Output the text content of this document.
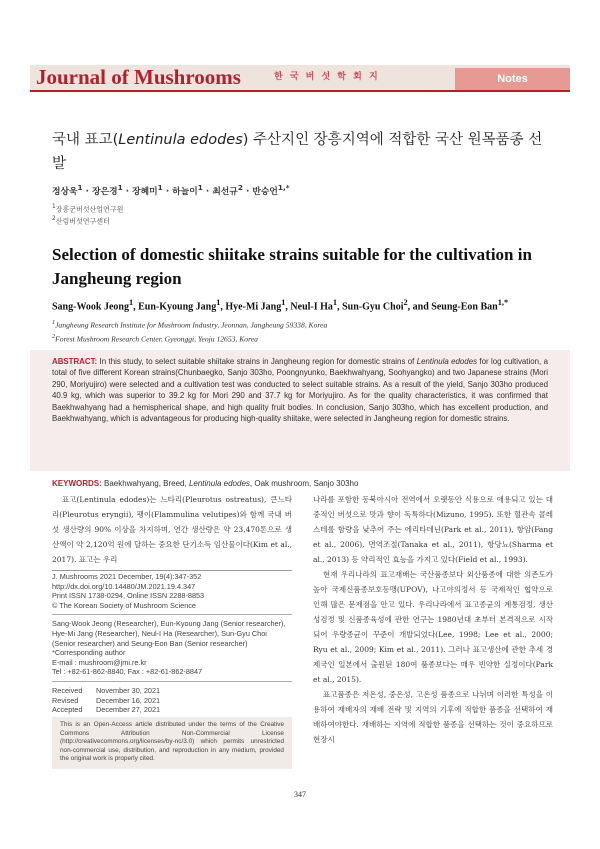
Journal of Mushrooms	한 국 버 섯 학 회 지	Notes
국내 표고(Lentinula edodes) 주산지인 장흥지역에 적합한 국산 원목품종 선발
정상욱$^1$ · 장은경$^1$ · 장혜미$^1$ · 하늘이$^1$ · 최선규$^2$ · 반승언$^{1,*}$
$^1$장흥군버섯산업연구원
$^2$산림버섯연구센터
Selection of domestic shiitake strains suitable for the cultivation in Jangheung region
Sang-Wook Jeong$^1$, Eun-Kyoung Jang$^1$, Hye-Mi Jang$^1$, Neul-I Ha$^1$, Sun-Gyu Choi$^2$, and Seung-Eon Ban$^{1,*}$
$^1$Jangheung Research Institute for Mushroom Industry, Jeonnan, Jangheung 59338, Korea
$^2$Forest Mushroom Research Center, Gyeonggi, Yeoju 12653, Korea
ABSTRACT: In this study, to select suitable shiitake strains in Jangheung region for domestic strains of Lentinula edodes for log cultivation, a total of five different Korean strains(Chunbaegko, Sanjo 303ho, Poongnyunko, Baekhwahyang, Soohyangko) and two Japanese strains (Mori 290, Moriyujiro) were selected and a cultivation test was conducted to select suitable strains. As a result of the yield, Sanjo 303ho produced 40.9 kg, which was superior to 39.2 kg for Mori 290 and 37.7 kg for Moriyujiro. As for the quality characteristics, it was confirmed that Baekhwahyang had a hemispherical shape, and high quality fruit bodies. In conclusion, Sanjo 303ho, which has excellent production, and Baekhwahyang, which is advantageous for producing high-quality shiitake, were selected in Jangheung region for domestic strains.
KEYWORDS: Baekhwahyang, Breed, Lentinula edodes, Oak mushroom, Sanjo 303ho

표고(Lentinula edodes)는 느타리(Pleurotus ostreatus), 큰느타리(Pleurotus eryngii), 팽이(Flammulina velutipes)와 함께 국내 버섯 생산량의 90% 이상을 차지하며, 연간 생산량은 약 23,470톤으로 생산액이 약 2,120억 원에 달하는 중요한 단기소득 임산물이다(Kim et al., 2017). 표고는 우리

J. Mushrooms 2021 December, 19(4):347-352
http://dx.doi.org/10.14480/JM.2021.19.4.347
Print ISSN 1738-0294, Online ISSN 2288-8853
© The Korean Society of Mushroom Science
Sang-Wook Jeong (Researcher), Eun-Kyoung Jang (Senior researcher), Hye-Mi Jang (Researcher), Neul-I Ha (Researcher), Sun-Gyu Choi (Senior researcher) and Seung-Eon Ban (Senior researcher)
*Corresponding author
E-mail : mushroom@jmi.re.kr
Tel : +82-61-862-8840, Fax : +82-61-862-8847
Received	November 30, 2021
Revised	December 16, 2021
Accepted	December 27, 2021
This is an Open-Access article distributed under the terms of the Creative Commons Attribution Non-Commercial License (http://creativecommons.org/licenses/by-nc/3.0) which permits unrestricted non-commercial use, distribution, and reproduction in any medium, provided the original work is properly cited.

나라를 포함한 동북아시아 전역에서 오랫동안 식용으로 애용되고 있는 대중적인 버섯으로 맛과 향이 독특하다(Mizuno, 1995). 또한 혈관속 콜레스테롤 함량을 낮추어 주는 에리타데닌(Park et al., 2011), 항암(Fang et al., 2006), 면역조절(Tanaka et al., 2011), 항당뇨(Sharma et al., 2013) 등 약리적인 효능을 가지고 있다(Field et al., 1993).

현재 우리나라의 표고재배는 국산품종보다 외산품종에 대한 의존도가 높아 국제신품종보호동맹(UPOV), 나고야의정서 등 국제적인 협약으로 인해 많은 문제점을 안고 있다. 우리나라에서 표고종균의 계통검정, 생산성검정 및 신품종육성에 관한 연구는 1980년대 초부터 본격적으로 시작되어 우량종균이 꾸준이 개발되었다(Lee, 1998; Lee et al., 2000; Ryu et al., 2009; Kim et al., 2011). 그러나 표고생산에 관한 추세 경제국인 일본에서 출원된 180여 품종보다는 매우 빈약한 실정이다(Park et al., 2015).

표고품종은 저온성, 중온성, 고온성 품종으로 나뉘며 이러한 특성을 이용하여 재배자의 재배 전략 및 지역의 기후에 적합한 품종을 선택하여 재배하여야한다. 재배하는 지역에 적합한 품종을 선택하는 것이 중요하므로 현장시

347
